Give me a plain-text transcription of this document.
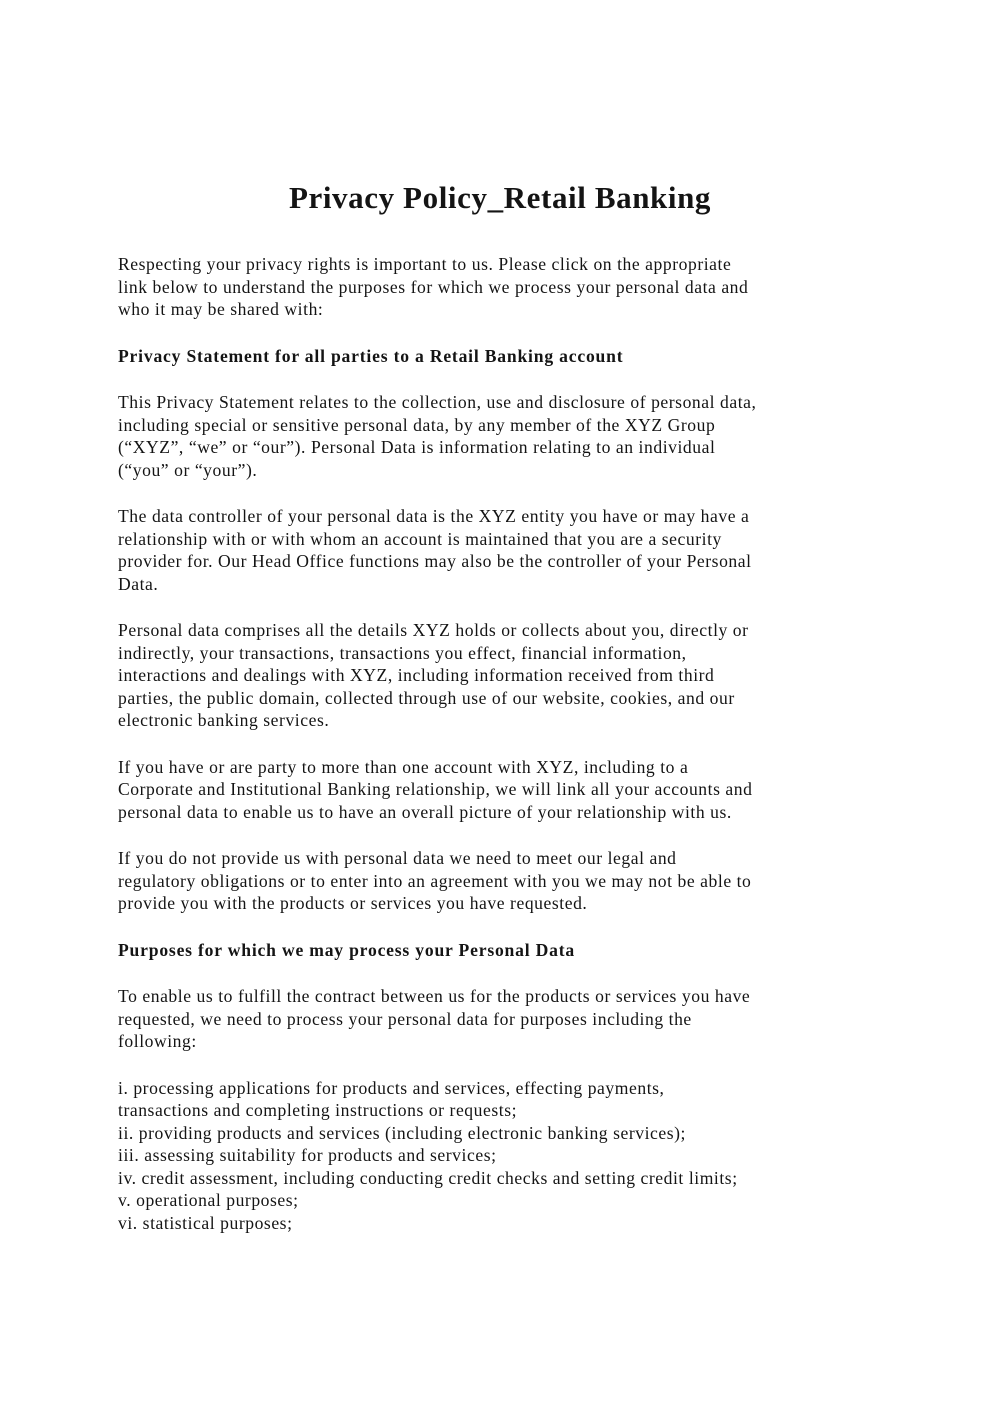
Privacy Policy_Retail Banking

Respecting your privacy rights is important to us. Please click on the appropriate
link below to understand the purposes for which we process your personal data and
who it may be shared with:

Privacy Statement for all parties to a Retail Banking account

This Privacy Statement relates to the collection, use and disclosure of personal data,
including special or sensitive personal data, by any member of the XYZ Group
(“XYZ”, “we” or “our”). Personal Data is information relating to an individual
(“you” or “your”).

The data controller of your personal data is the XYZ entity you have or may have a
relationship with or with whom an account is maintained that you are a security
provider for. Our Head Office functions may also be the controller of your Personal
Data.

Personal data comprises all the details XYZ holds or collects about you, directly or
indirectly, your transactions, transactions you effect, financial information,
interactions and dealings with XYZ, including information received from third
parties, the public domain, collected through use of our website, cookies, and our
electronic banking services.

If you have or are party to more than one account with XYZ, including to a
Corporate and Institutional Banking relationship, we will link all your accounts and
personal data to enable us to have an overall picture of your relationship with us.

If you do not provide us with personal data we need to meet our legal and
regulatory obligations or to enter into an agreement with you we may not be able to
provide you with the products or services you have requested.

Purposes for which we may process your Personal Data

To enable us to fulfill the contract between us for the products or services you have
requested, we need to process your personal data for purposes including the
following:

i. processing applications for products and services, effecting payments,
transactions and completing instructions or requests;
ii. providing products and services (including electronic banking services);
iii. assessing suitability for products and services;
iv. credit assessment, including conducting credit checks and setting credit limits;
v. operational purposes;
vi. statistical purposes;
